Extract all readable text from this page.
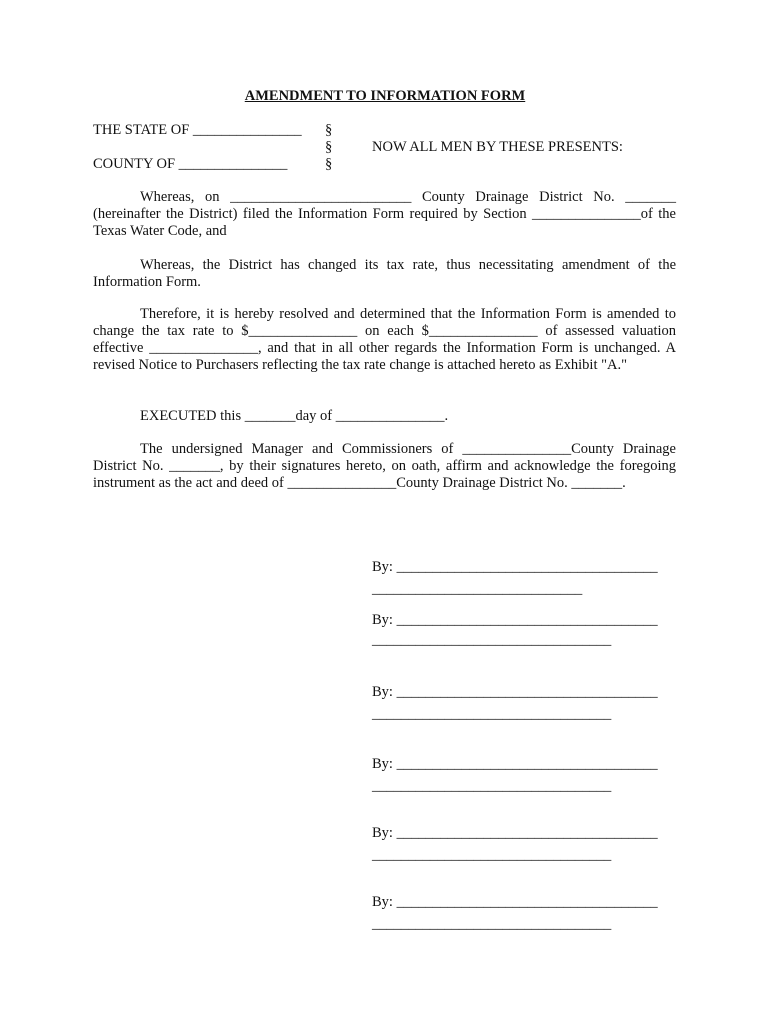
AMENDMENT TO INFORMATION FORM
THE STATE OF _______________ §
§	NOW ALL MEN BY THESE PRESENTS:
COUNTY OF _______________	§
Whereas, on _________________________ County Drainage District No. _______ (hereinafter the District) filed the Information Form required by Section _______________of the Texas Water Code, and
Whereas, the District has changed its tax rate, thus necessitating amendment of the Information Form.
Therefore, it is hereby resolved and determined that the Information Form is amended to change the tax rate to $_______________ on each $_______________ of assessed valuation effective _______________, and that in all other regards the Information Form is unchanged. A revised Notice to Purchasers reflecting the tax rate change is attached hereto as Exhibit "A."
EXECUTED this _______day of _______________.
The undersigned Manager and Commissioners of _______________County Drainage District No. _______, by their signatures hereto, on oath, affirm and acknowledge the foregoing instrument as the act and deed of _______________County Drainage District No. _______.
By: ____________________________________
_____________________________
By: ____________________________________
_________________________________
By: ____________________________________
_________________________________
By: ____________________________________
_________________________________
By: ____________________________________
_________________________________
By: ____________________________________
_________________________________
